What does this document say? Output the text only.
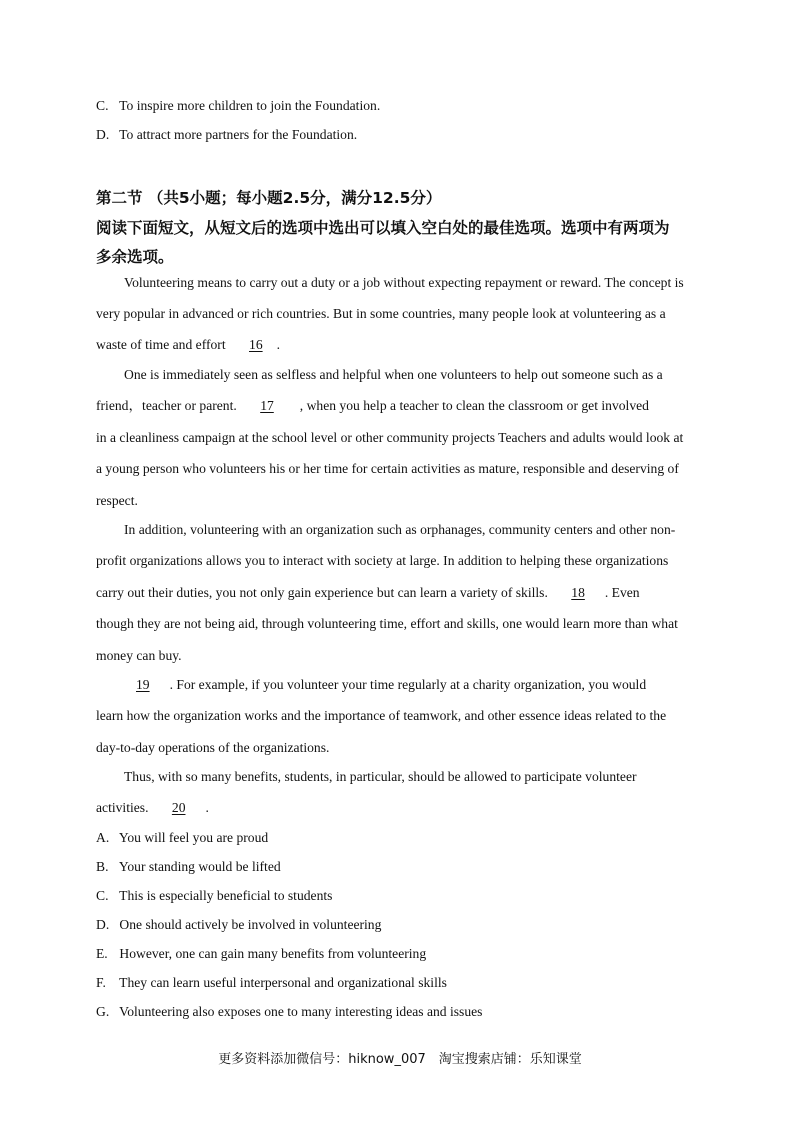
C. To inspire more children to join the Foundation.
D. To attract more partners for the Foundation.
第二节 （共5小题；每小题2.5分，满分12.5分）
阅读下面短文，从短文后的选项中选出可以填入空白处的最佳选项。选项中有两项为
多余选项。
Volunteering means to carry out a duty or a job without expecting repayment or reward. The concept is
very popular in advanced or rich countries. But in some countries, many people look at volunteering as a
waste of time and effort 16 .
One is immediately seen as selfless and helpful when one volunteers to help out someone such as a
friend，teacher or parent. 17 , when you help a teacher to clean the classroom or get involved
in a cleanliness campaign at the school level or other community projects Teachers and adults would look at
a young person who volunteers his or her time for certain activities as mature, responsible and deserving of
respect.
In addition, volunteering with an organization such as orphanages, community centers and other non-
profit organizations allows you to interact with society at large. In addition to helping these organizations
carry out their duties, you not only gain experience but can learn a variety of skills. 18 . Even
though they are not being aid, through volunteering time, effort and skills, one would learn more than what
money can buy.
19 . For example, if you volunteer your time regularly at a charity organization, you would
learn how the organization works and the importance of teamwork, and other essence ideas related to the
day-to-day operations of the organizations.
Thus, with so many benefits, students, in particular, should be allowed to participate volunteer
activities. 20 .
A. You will feel you are proud
B. Your standing would be lifted
C. This is especially beneficial to students
D. One should actively be involved in volunteering
E. However, one can gain many benefits from volunteering
F. They can learn useful interpersonal and organizational skills
G. Volunteering also exposes one to many interesting ideas and issues
更多资料添加微信号：hiknow_007　淘宝搜索店铺：乐知课堂
